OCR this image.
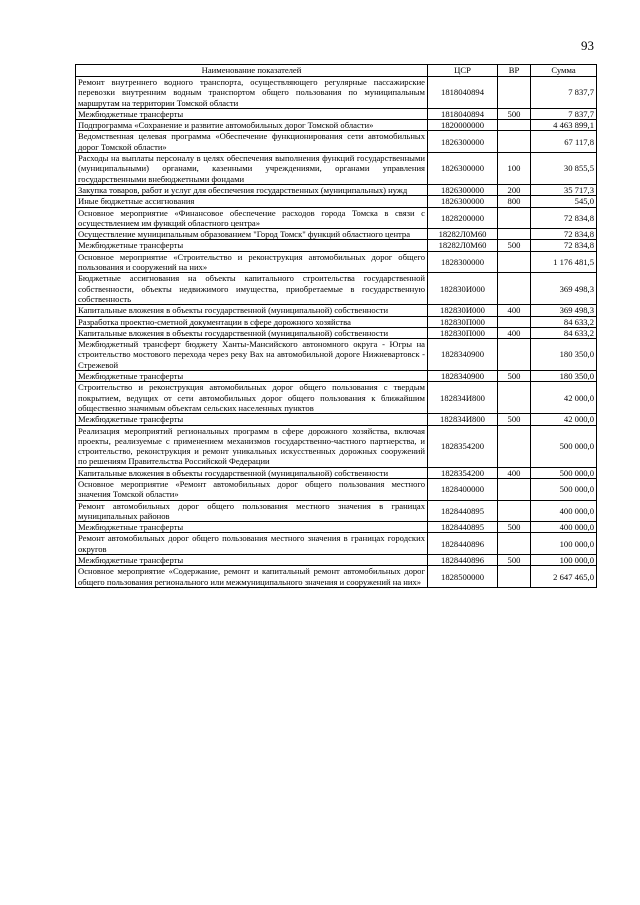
93
Наименование показателей	ЦСР	ВР	Сумма
Ремонт внутреннего водного транспорта, осуществляющего регулярные пассажирские перевозки внутренним водным транспортом общего пользования по муниципальным маршрутам на территории Томской области	1818040894		7 837,7
Межбюджетные трансферты	1818040894	500	7 837,7
Подпрограмма «Сохранение и развитие автомобильных дорог Томской области»	1820000000		4 463 899,1
Ведомственная целевая программа «Обеспечение функционирования сети автомобильных дорог Томской области»	1826300000		67 117,8
Расходы на выплаты персоналу в целях обеспечения выполнения функций государственными (муниципальными) органами, казенными учреждениями, органами управления государственными внебюджетными фондами	1826300000	100	30 855,5
Закупка товаров, работ и услуг для обеспечения государственных (муниципальных) нужд	1826300000	200	35 717,3
Иные бюджетные ассигнования	1826300000	800	545,0
Основное мероприятие «Финансовое обеспечение расходов города Томска в связи с осуществлением им функций областного центра»	1828200000		72 834,8
Осуществление муниципальным образованием "Город Томск" функций областного центра	18282Л0М60		72 834,8
Межбюджетные трансферты	18282Л0М60	500	72 834,8
Основное мероприятие «Строительство и реконструкция автомобильных дорог общего пользования и сооружений на них»	1828300000		1 176 481,5
Бюджетные ассигнования на объекты капитального строительства государственной собственности, объекты недвижимого имущества, приобретаемые в государственную собственность	182830И000		369 498,3
Капитальные вложения в объекты государственной (муниципальной) собственности	182830И000	400	369 498,3
Разработка проектно-сметной документации в сфере дорожного хозяйства	182830П000		84 633,2
Капитальные вложения в объекты государственной (муниципальной) собственности	182830П000	400	84 633,2
Межбюджетный трансферт бюджету Ханты-Мансийского автономного округа - Югры на строительство мостового перехода через реку Вах на автомобильной дороге Нижневартовск - Стрежевой	1828340900		180 350,0
Межбюджетные трансферты	1828340900	500	180 350,0
Строительство и реконструкция автомобильных дорог общего пользования с твердым покрытием, ведущих от сети автомобильных дорог общего пользования к ближайшим общественно значимым объектам сельских населенных пунктов	182834И800		42 000,0
Межбюджетные трансферты	182834И800	500	42 000,0
Реализация мероприятий региональных программ в сфере дорожного хозяйства, включая проекты, реализуемые с применением механизмов государственно-частного партнерства, и строительство, реконструкция и ремонт уникальных искусственных дорожных сооружений по решениям Правительства Российской Федерации	1828354200		500 000,0
Капитальные вложения в объекты государственной (муниципальной) собственности	1828354200	400	500 000,0
Основное мероприятие «Ремонт автомобильных дорог общего пользования местного значения Томской области»	1828400000		500 000,0
Ремонт автомобильных дорог общего пользования местного значения в границах муниципальных районов	1828440895		400 000,0
Межбюджетные трансферты	1828440895	500	400 000,0
Ремонт автомобильных дорог общего пользования местного значения в границах городских округов	1828440896		100 000,0
Межбюджетные трансферты	1828440896	500	100 000,0
Основное мероприятие «Содержание, ремонт и капитальный ремонт автомобильных дорог общего пользования регионального или межмуниципального значения и сооружений на них»	1828500000		2 647 465,0
